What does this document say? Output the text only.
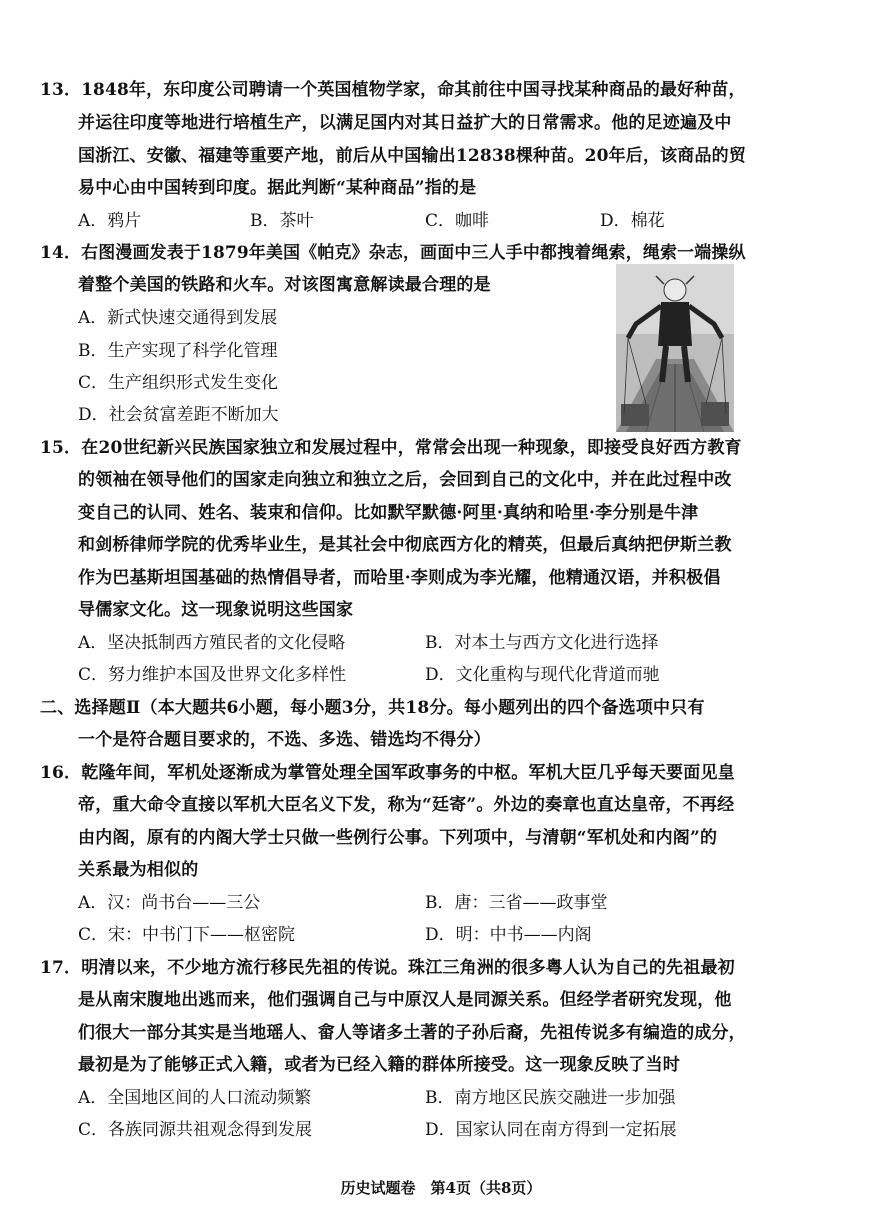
13．1848年，东印度公司聘请一个英国植物学家，命其前往中国寻找某种商品的最好种苗，
并运往印度等地进行培植生产，以满足国内对其日益扩大的日常需求。他的足迹遍及中
国浙江、安徽、福建等重要产地，前后从中国输出12838棵种苗。20年后，该商品的贸
易中心由中国转到印度。据此判断“某种商品”指的是
A．鸦片	B．茶叶	C．咖啡	D．棉花
14．右图漫画发表于1879年美国《帕克》杂志，画面中三人手中都拽着绳索，绳索一端操纵
着整个美国的铁路和火车。对该图寓意解读最合理的是
A．新式快速交通得到发展
B．生产实现了科学化管理
C．生产组织形式发生变化
D．社会贫富差距不断加大
15．在20世纪新兴民族国家独立和发展过程中，常常会出现一种现象，即接受良好西方教育
的领袖在领导他们的国家走向独立和独立之后，会回到自己的文化中，并在此过程中改
变自己的认同、姓名、装束和信仰。比如默罕默德·阿里·真纳和哈里·李分别是牛津
和剑桥律师学院的优秀毕业生，是其社会中彻底西方化的精英，但最后真纳把伊斯兰教
作为巴基斯坦国基础的热情倡导者，而哈里·李则成为李光耀，他精通汉语，并积极倡
导儒家文化。这一现象说明这些国家
A．坚决抵制西方殖民者的文化侵略	B．对本土与西方文化进行选择
C．努力维护本国及世界文化多样性	D．文化重构与现代化背道而驰
二、选择题Ⅱ（本大题共6小题，每小题3分，共18分。每小题列出的四个备选项中只有
一个是符合题目要求的，不选、多选、错选均不得分）
16．乾隆年间，军机处逐渐成为掌管处理全国军政事务的中枢。军机大臣几乎每天要面见皇
帝，重大命令直接以军机大臣名义下发，称为“廷寄”。外边的奏章也直达皇帝，不再经
由内阁，原有的内阁大学士只做一些例行公事。下列项中，与清朝“军机处和内阁”的
关系最为相似的
A．汉：尚书台——三公	B．唐：三省——政事堂
C．宋：中书门下——枢密院	D．明：中书——内阁
17．明清以来，不少地方流行移民先祖的传说。珠江三角洲的很多粤人认为自己的先祖最初
是从南宋腹地出逃而来，他们强调自己与中原汉人是同源关系。但经学者研究发现，他
们很大一部分其实是当地瑶人、畲人等诸多土著的子孙后裔，先祖传说多有编造的成分，
最初是为了能够正式入籍，或者为已经入籍的群体所接受。这一现象反映了当时
A．全国地区间的人口流动频繁	B．南方地区民族交融进一步加强
C．各族同源共祖观念得到发展	D．国家认同在南方得到一定拓展
历史试题卷　第4页（共8页）
